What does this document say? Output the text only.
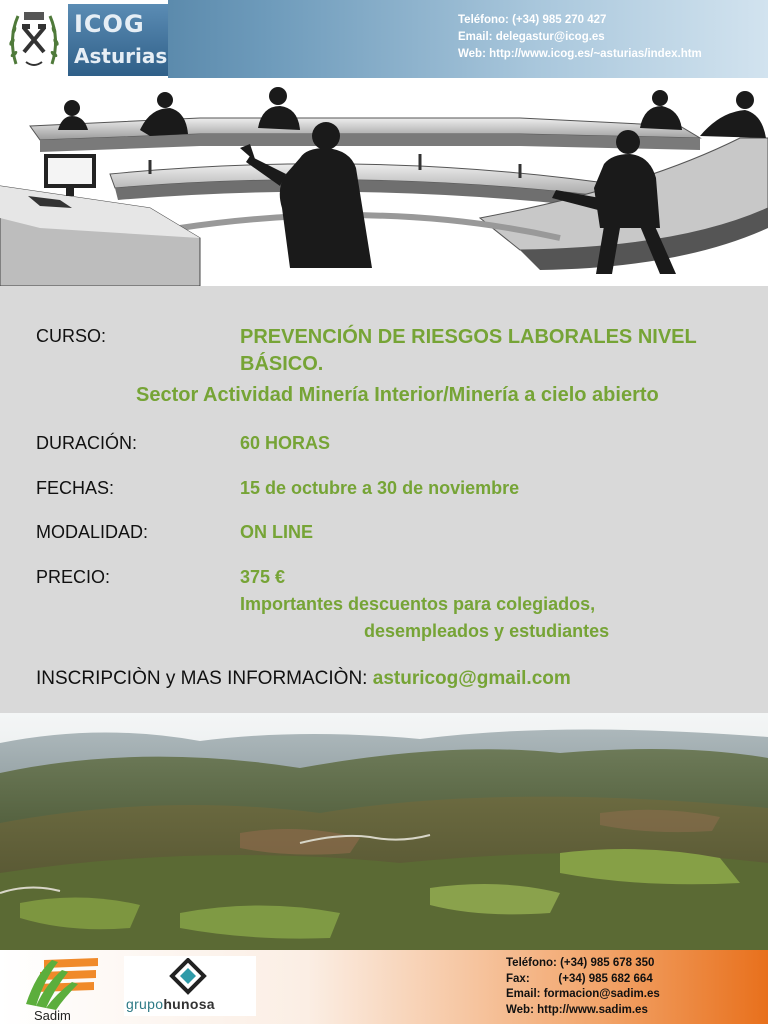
ICOG
Asturias
Teléfono: (+34) 985 270 427
Email: delegastur@icog.es
Web: http://www.icog.es/~asturias/index.htm
CURSO:	PREVENCIÓN DE RIESGOS LABORALES NIVEL BÁSICO.
Sector Actividad Minería Interior/Minería a cielo abierto
DURACIÓN:	60 HORAS
FECHAS:	15 de octubre a 30 de noviembre
MODALIDAD:	ON LINE
PRECIO:	375 €
Importantes descuentos para colegiados,
desempleados y estudiantes
INSCRIPCIÒN y MAS INFORMACIÒN: asturicog@gmail.com
Sadim
grupohunosa
Teléfono: (+34) 985 678 350
Fax:         (+34) 985 682 664
Email: formacion@sadim.es
Web: http://www.sadim.es
